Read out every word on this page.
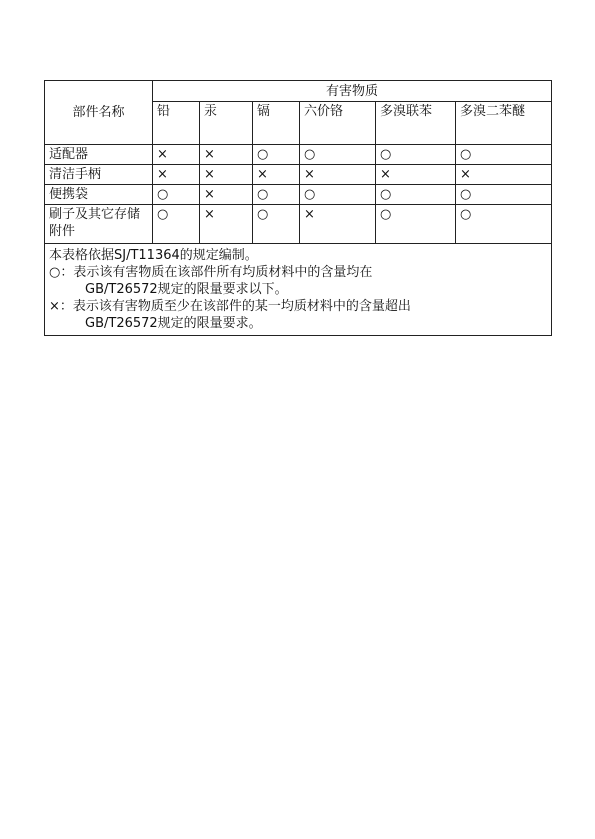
部件名称	有害物质					
	铅	汞	镉	六价铬	多溴联苯	多溴二苯醚
适配器	×	×	○	○	○	○
清洁手柄	×	×	×	×	×	×
便携袋	○	×	○	○	○	○
刷子及其它存储附件	○	×	○	×	○	○

本表格依据SJ/T11364的规定编制。
○：表示该有害物质在该部件所有均质材料中的含量均在
GB/T26572规定的限量要求以下。
×：表示该有害物质至少在该部件的某一均质材料中的含量超出
GB/T26572规定的限量要求。						
